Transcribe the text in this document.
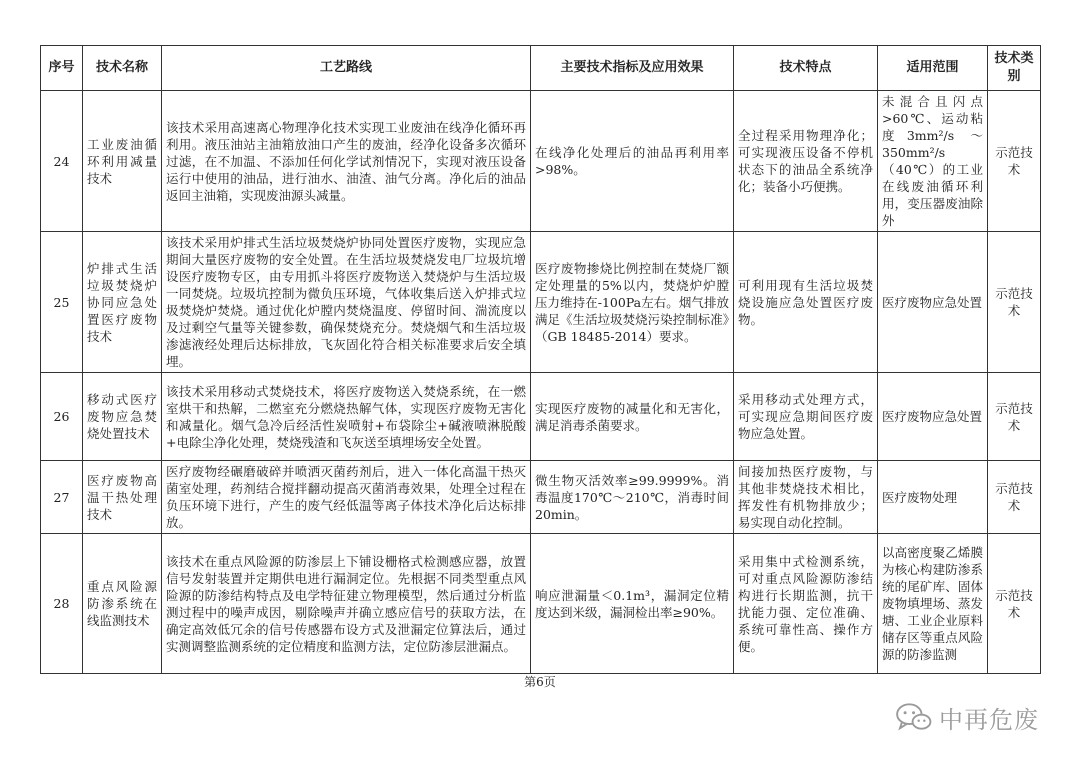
序号	技术名称	工艺路线	主要技术指标及应用效果	技术特点	适用范围	技术类别
24	工业废油循环利用减量技术	该技术采用高速离心物理净化技术实现工业废油在线净化循环再利用。液压油站主油箱放油口产生的废油，经净化设备多次循环过滤，在不加温、不添加任何化学试剂情况下，实现对液压设备运行中使用的油品，进行油水、油渣、油气分离。净化后的油品返回主油箱，实现废油源头减量。	在线净化处理后的油品再利用率>98%。	全过程采用物理净化；可实现液压设备不停机状态下的油品全系统净化；装备小巧便携。	未混合且闪点>60℃、运动粘度3mm²/s ～ 350mm²/s（40℃）的工业在线废油循环利用，变压器废油除外	示范技术
25	炉排式生活垃圾焚烧炉协同应急处置医疗废物技术	该技术采用炉排式生活垃圾焚烧炉协同处置医疗废物，实现应急期间大量医疗废物的安全处置。在生活垃圾焚烧发电厂垃圾坑增设医疗废物专区，由专用抓斗将医疗废物送入焚烧炉与生活垃圾一同焚烧。垃圾坑控制为微负压环境，气体收集后送入炉排式垃圾焚烧炉焚烧。通过优化炉膛内焚烧温度、停留时间、湍流度以及过剩空气量等关键参数，确保焚烧充分。焚烧烟气和生活垃圾渗滤液经处理后达标排放，飞灰固化符合相关标准要求后安全填埋。	医疗废物掺烧比例控制在焚烧厂额定处理量的5%以内，焚烧炉炉膛压力维持在-100Pa左右。烟气排放满足《生活垃圾焚烧污染控制标准》（GB 18485-2014）要求。	可利用现有生活垃圾焚烧设施应急处置医疗废物。	医疗废物应急处置	示范技术
26	移动式医疗废物应急焚烧处置技术	该技术采用移动式焚烧技术，将医疗废物送入焚烧系统，在一燃室烘干和热解，二燃室充分燃烧热解气体，实现医疗废物无害化和减量化。烟气急冷后经活性炭喷射+布袋除尘+碱液喷淋脱酸+电除尘净化处理，焚烧残渣和飞灰送至填埋场安全处置。	实现医疗废物的减量化和无害化，满足消毒杀菌要求。	采用移动式处理方式，可实现应急期间医疗废物应急处置。	医疗废物应急处置	示范技术
27	医疗废物高温干热处理技术	医疗废物经碾磨破碎并喷洒灭菌药剂后，进入一体化高温干热灭菌室处理，药剂结合搅拌翻动提高灭菌消毒效果，处理全过程在负压环境下进行，产生的废气经低温等离子体技术净化后达标排放。	微生物灭活效率≥99.9999%。消毒温度170℃～210℃，消毒时间20min。	间接加热医疗废物，与其他非焚烧技术相比，挥发性有机物排放少；易实现自动化控制。	医疗废物处理	示范技术
28	重点风险源防渗系统在线监测技术	该技术在重点风险源的防渗层上下铺设栅格式检测感应器，放置信号发射装置并定期供电进行漏洞定位。先根据不同类型重点风险源的防渗结构特点及电学特征建立物理模型，然后通过分析监测过程中的噪声成因，剔除噪声并确立感应信号的获取方法，在确定高效低冗余的信号传感器布设方式及泄漏定位算法后，通过实测调整监测系统的定位精度和监测方法，定位防渗层泄漏点。	响应泄漏量＜0.1m³，漏洞定位精度达到米级，漏洞检出率≥90%。	采用集中式检测系统，可对重点风险源防渗结构进行长期监测，抗干扰能力强、定位准确、系统可靠性高、操作方便。	以高密度聚乙烯膜为核心构建防渗系统的尾矿库、固体废物填埋场、蒸发塘、工业企业原料储存区等重点风险源的防渗监测	示范技术
第6页
中再危废
